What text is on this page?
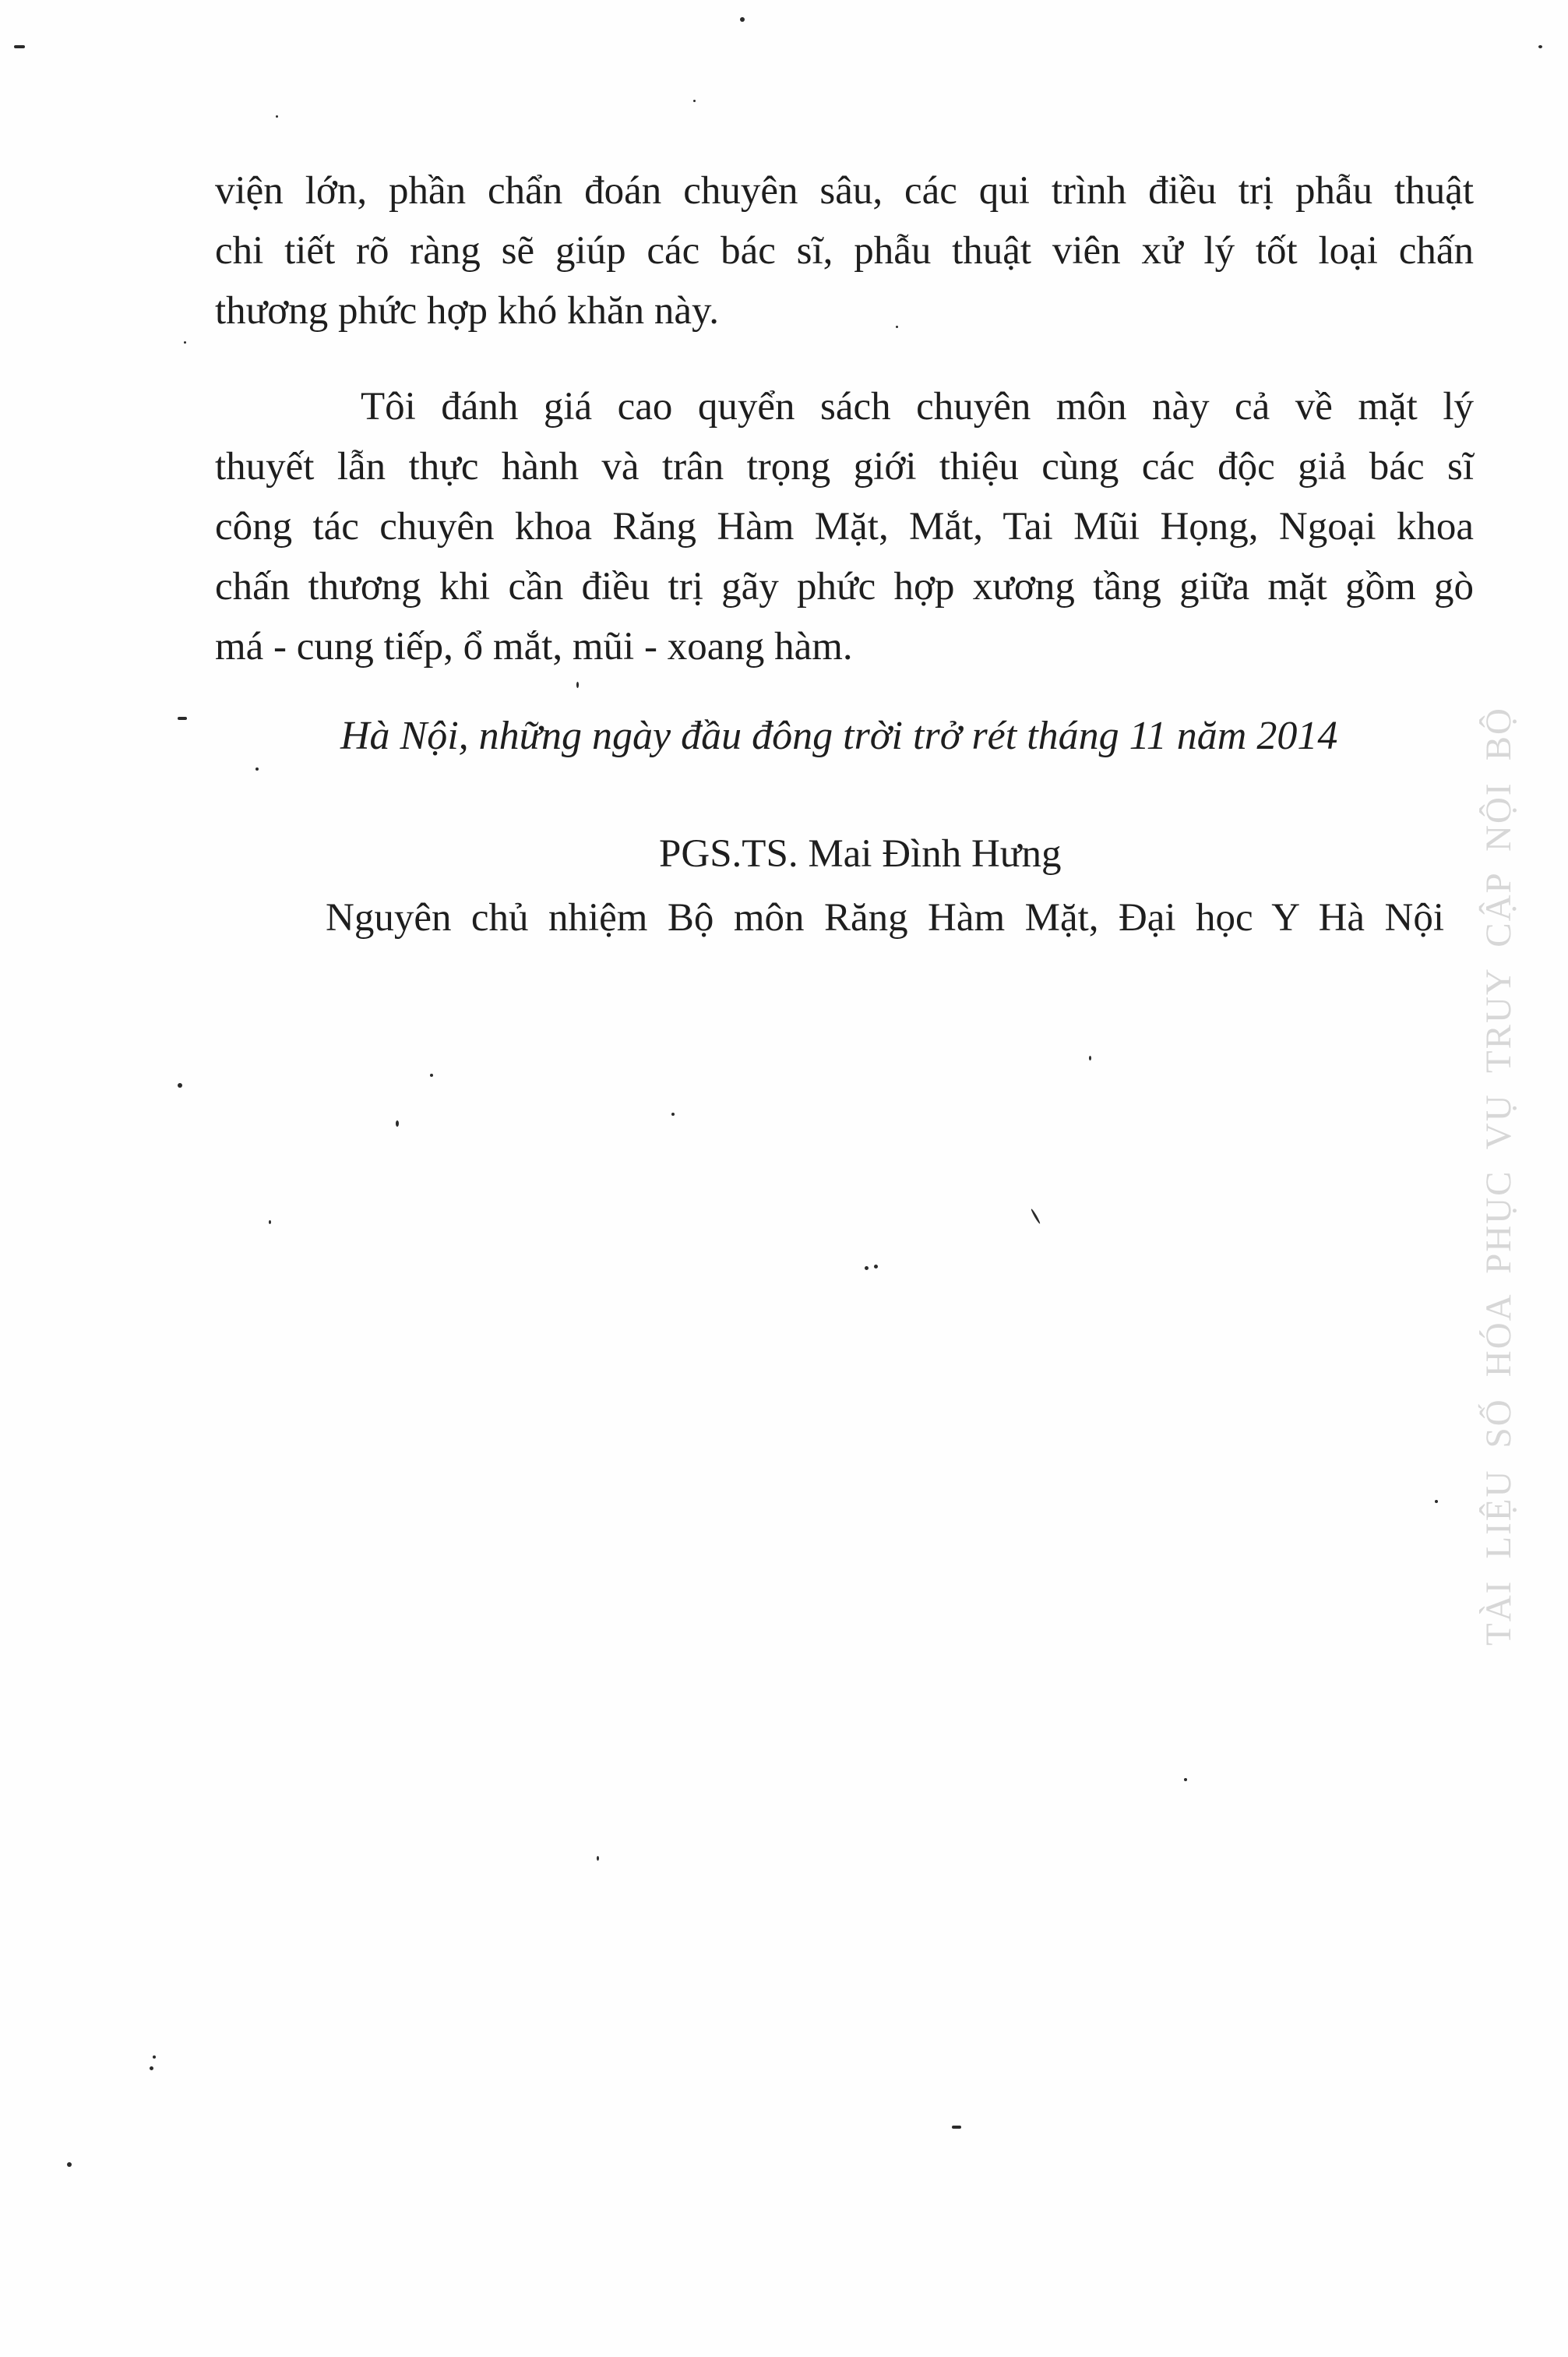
viện lớn, phần chẩn đoán chuyên sâu, các qui trình điều trị phẫu thuật
chi tiết rõ ràng sẽ giúp các bác sĩ, phẫu thuật viên xử lý tốt loại chấn
thương phức hợp khó khăn này.
Tôi đánh giá cao quyển sách chuyên môn này cả về mặt lý
thuyết lẫn thực hành và trân trọng giới thiệu cùng các độc giả bác sĩ
công tác chuyên khoa Răng Hàm Mặt, Mắt, Tai Mũi Họng, Ngoại khoa
chấn thương khi cần điều trị gãy phức hợp xương tầng giữa mặt gồm gò
má - cung tiếp, ổ mắt, mũi - xoang hàm.
Hà Nội, những ngày đầu đông trời trở rét tháng 11 năm 2014
PGS.TS. Mai Đình Hưng
Nguyên chủ nhiệm Bộ môn Răng Hàm Mặt, Đại học Y Hà Nội TÀI LIỆU SỐ HÓA PHỤC VỤ TRUY CẬP NỘI BỘ
